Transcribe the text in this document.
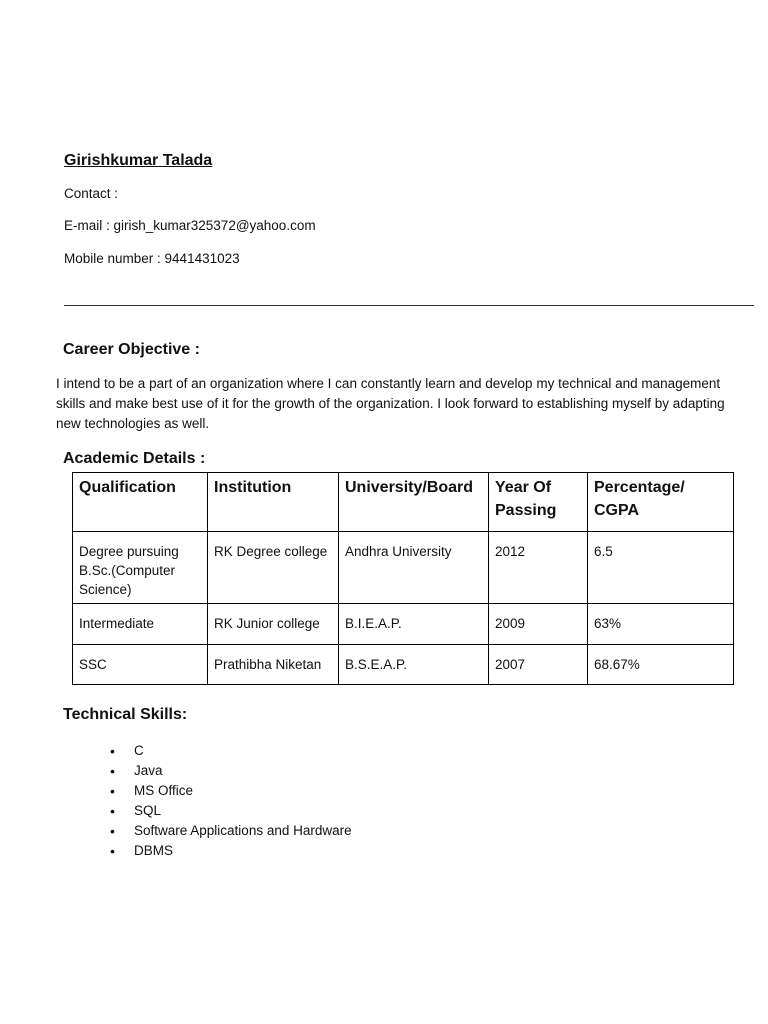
Girishkumar Talada
Contact :
E-mail : girish_kumar325372@yahoo.com
Mobile number : 9441431023
Career Objective :
I intend to be a part of an organization where I can constantly learn and develop my technical and management skills and make best use of it for the growth of the organization. I look forward to establishing myself by adapting new technologies as well.
Academic Details :
Qualification	Institution	University/Board	Year Of Passing	Percentage/ CGPA
Degree pursuing B.Sc.(Computer Science)	RK Degree college	Andhra University	2012	6.5
Intermediate	RK Junior college	B.I.E.A.P.	2009	63%
SSC	Prathibha Niketan	B.S.E.A.P.	2007	68.67%
Technical Skills:
• C
• Java
• MS Office
• SQL
• Software Applications and Hardware
• DBMS
